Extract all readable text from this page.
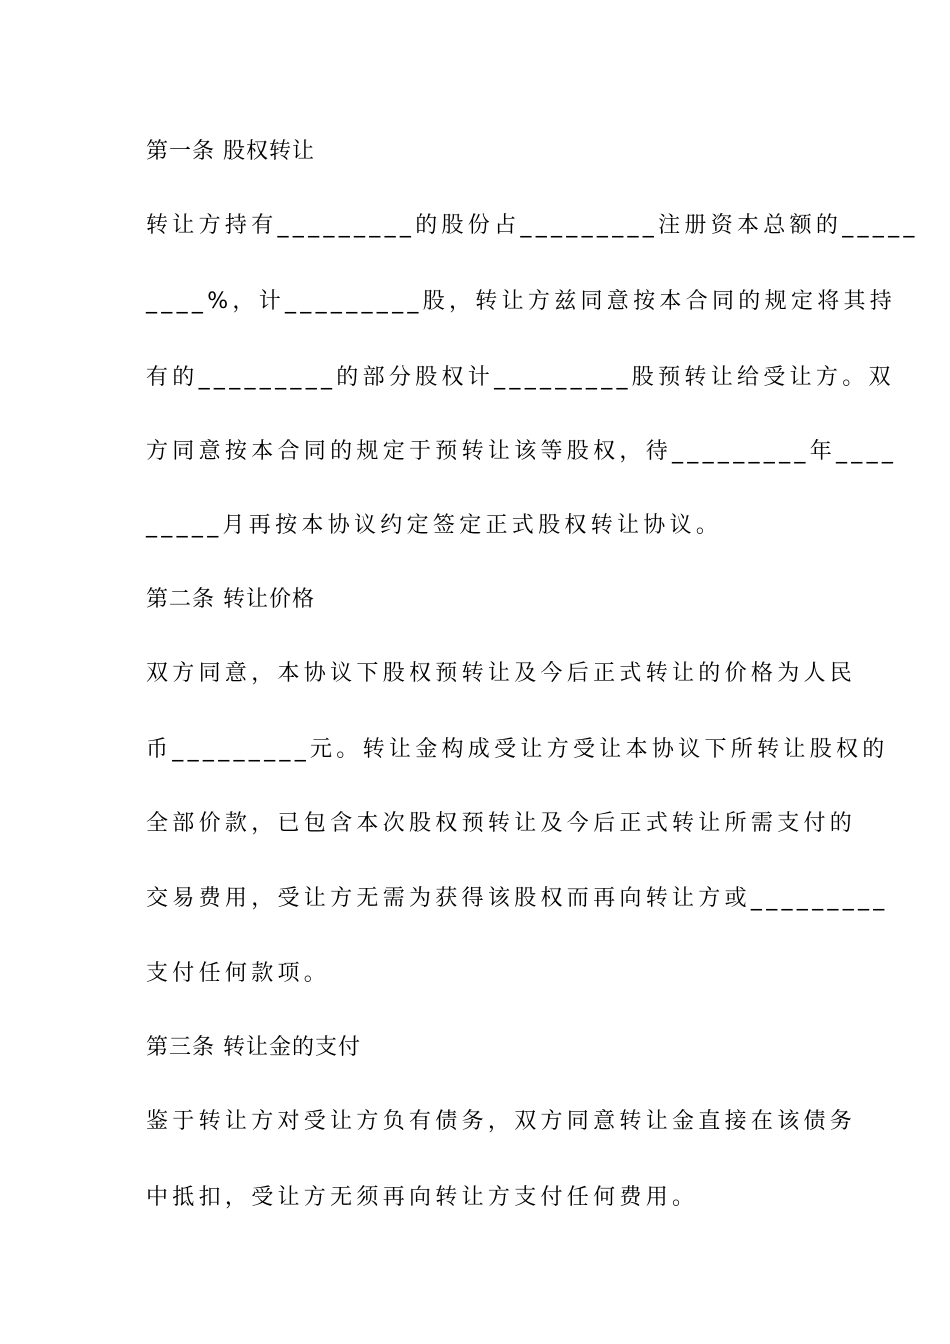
第一条 股权转让
转让方持有_________的股份占_________注册资本总额的_____
____%，计_________股，转让方兹同意按本合同的规定将其持
有的_________的部分股权计_________股预转让给受让方。双
方同意按本合同的规定于预转让该等股权，待_________年____
_____月再按本协议约定签定正式股权转让协议。
第二条 转让价格
双方同意，本协议下股权预转让及今后正式转让的价格为人民
币_________元。转让金构成受让方受让本协议下所转让股权的
全部价款，已包含本次股权预转让及今后正式转让所需支付的
交易费用，受让方无需为获得该股权而再向转让方或_________
支付任何款项。
第三条 转让金的支付
鉴于转让方对受让方负有债务，双方同意转让金直接在该债务
中抵扣，受让方无须再向转让方支付任何费用。
